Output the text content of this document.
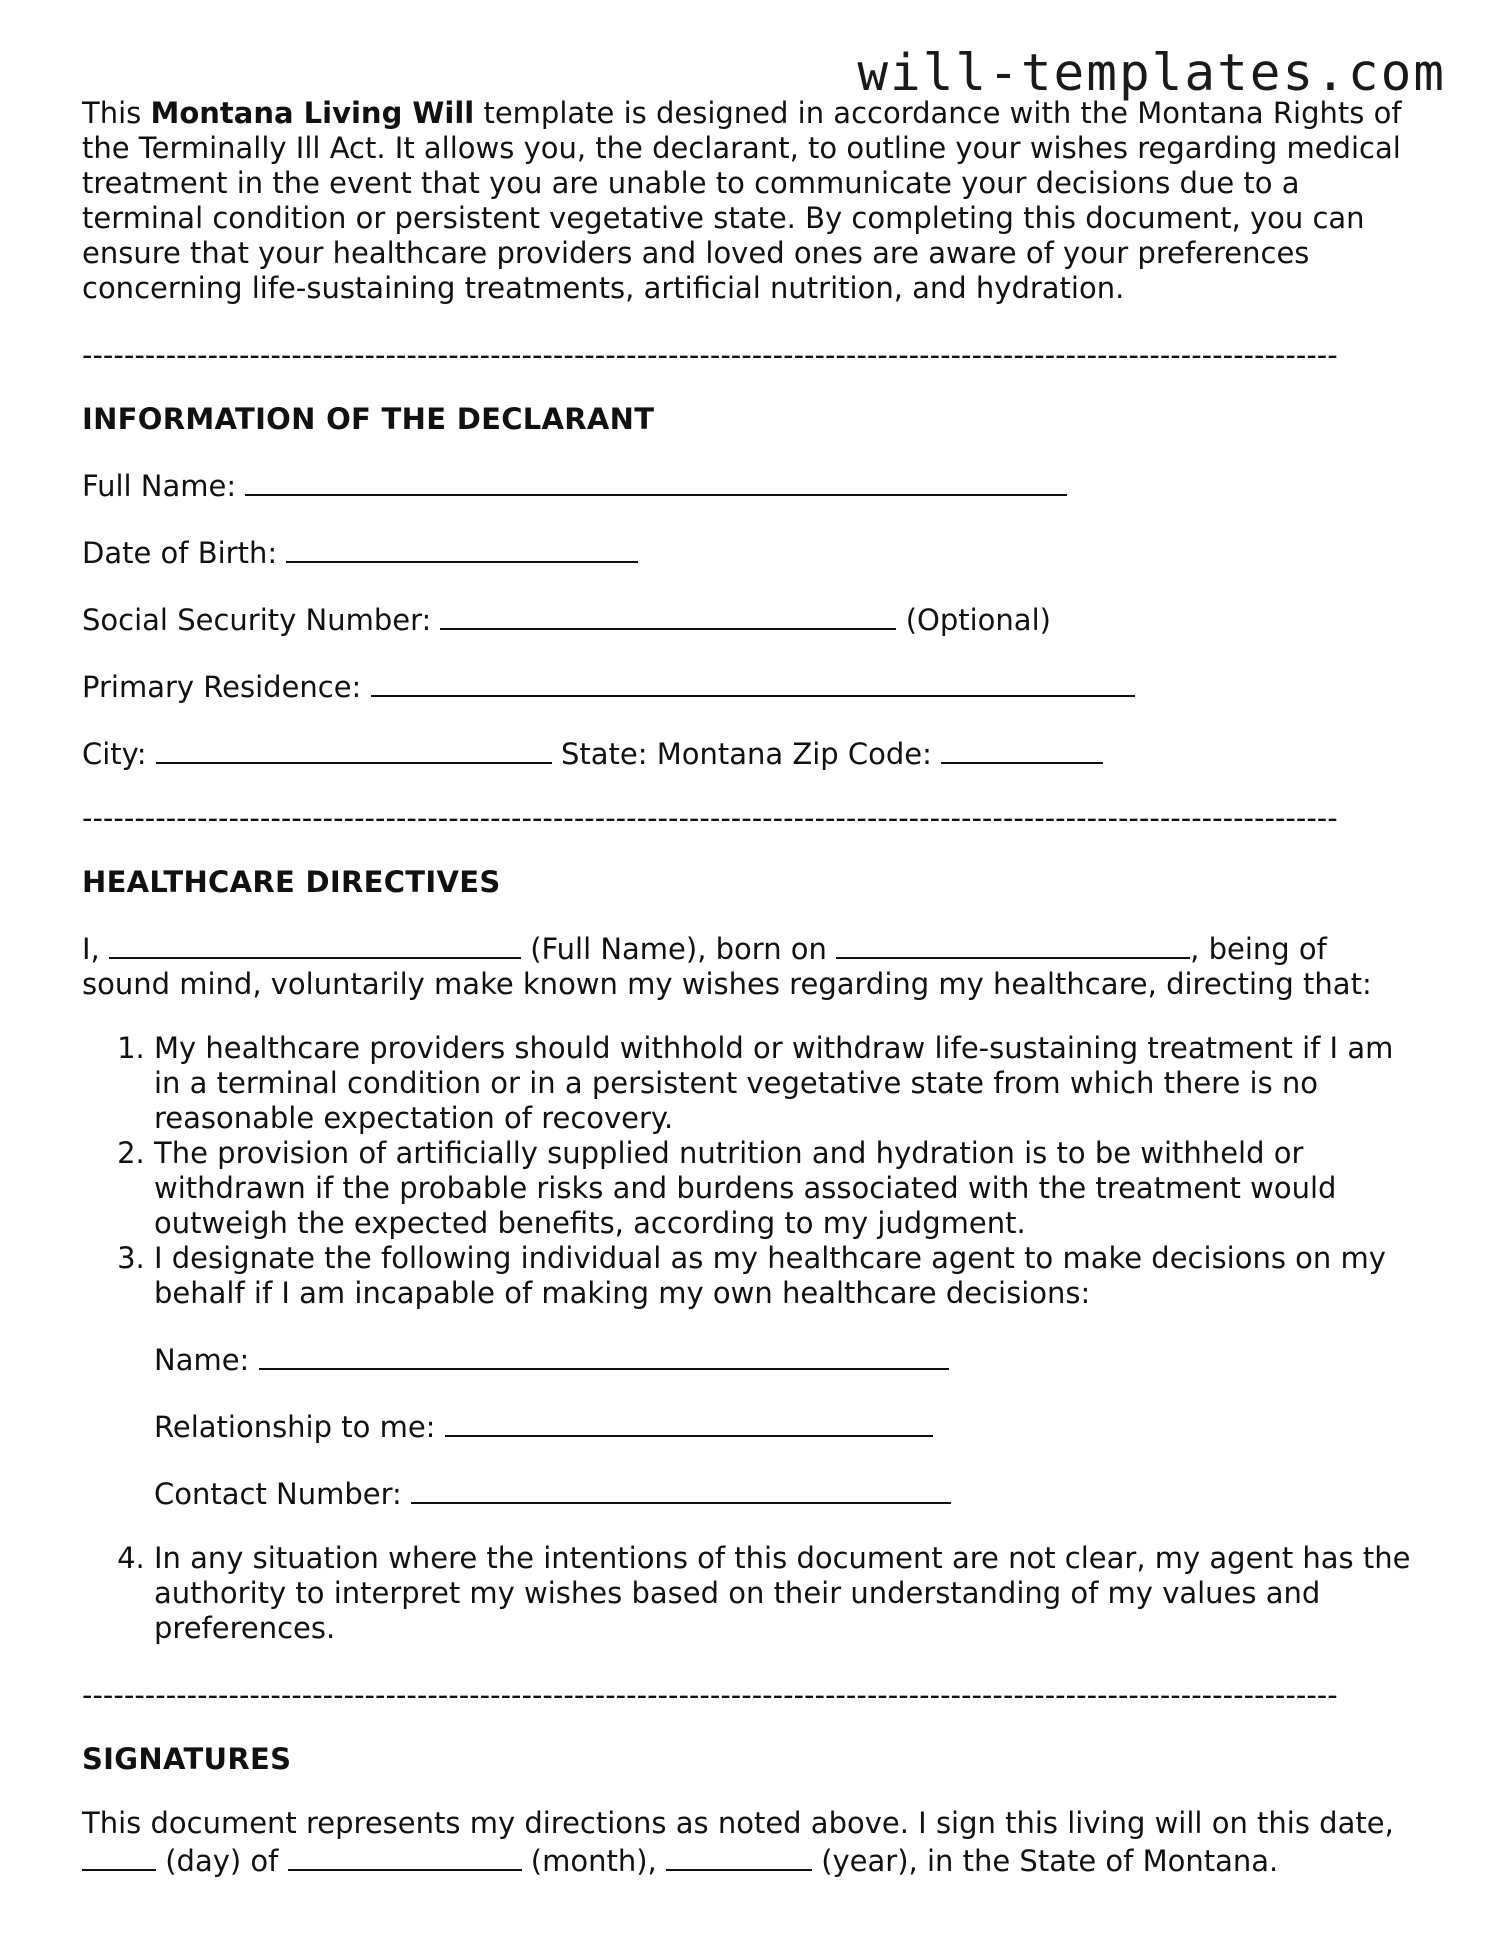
will-templates.com

This Montana Living Will template is designed in accordance with the Montana Rights of the Terminally Ill Act. It allows you, the declarant, to outline your wishes regarding medical treatment in the event that you are unable to communicate your decisions due to a terminal condition or persistent vegetative state. By completing this document, you can ensure that your healthcare providers and loved ones are aware of your preferences concerning life-sustaining treatments, artificial nutrition, and hydration.

------------------------------------------------------------------------------------------------------------------------
INFORMATION OF THE DECLARANT
Full Name:
Date of Birth:
Social Security Number:	(Optional)
Primary Residence:
City:	State: Montana Zip Code:
------------------------------------------------------------------------------------------------------------------------
HEALTHCARE DIRECTIVES

I,	(Full Name), born on	, being of sound mind, voluntarily make known my wishes regarding my healthcare, directing that:

1. My healthcare providers should withhold or withdraw life-sustaining treatment if I am in a terminal condition or in a persistent vegetative state from which there is no reasonable expectation of recovery.
2. The provision of artificially supplied nutrition and hydration is to be withheld or withdrawn if the probable risks and burdens associated with the treatment would outweigh the expected benefits, according to my judgment.
3. I designate the following individual as my healthcare agent to make decisions on my behalf if I am incapable of making my own healthcare decisions:
Name:
Relationship to me:
Contact Number:
4. In any situation where the intentions of this document are not clear, my agent has the authority to interpret my wishes based on their understanding of my values and preferences.
------------------------------------------------------------------------------------------------------------------------
SIGNATURES

This document represents my directions as noted above. I sign this living will on this date,
(day) of	(month),	(year), in the State of Montana.
